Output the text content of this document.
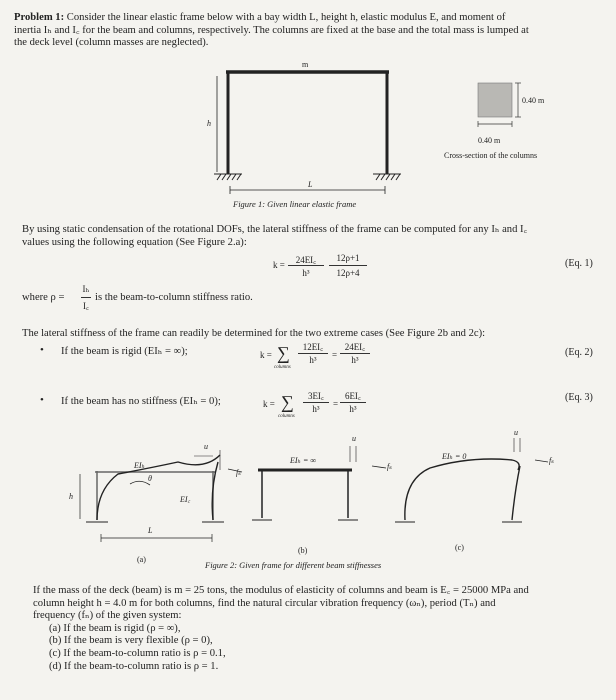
Problem 1: Consider the linear elastic frame below with a bay width L, height h, elastic modulus E, and moment of
inertia Iₕ and I꜀ for the beam and columns, respectively. The columns are fixed at the base and the total mass is lumped at
the deck level (column masses are neglected).
m
h
L
0.40 m
0.40 m
Cross-section of the columns
Figure 1: Given linear elastic frame
By using static condensation of the rotational DOFs, the lateral stiffness of the frame can be computed for any Iₕ and I꜀
values using the following equation (See Figure 2.a):
k =	24EI꜀
h³
12ρ+1
12ρ+4
(Eq. 1)
where ρ =
Iₕ
I꜀
is the beam-to-column stiffness ratio.
The lateral stiffness of the frame can readily be determined for the two extreme cases (See Figure 2b and 2c):
• If the beam is rigid (EIₕ = ∞);	k = ∑
columns
12EI꜀
h³	=
24EI꜀
h³
(Eq. 2)
• If the beam has no stiffness (EIₕ = 0);	k = ∑
columns
3EI꜀
h³	=
6EI꜀
h³
(Eq. 3)
EIₕ
EI꜀
h
L
u
fₛ
θ
(a)
EIₕ = ∞
u
fₛ
(b)
EIₕ = 0
u
fₛ
(c)
Figure 2: Given frame for different beam stiffnesses
If the mass of the deck (beam) is m = 25 tons, the modulus of elasticity of columns and beam is E꜀ = 25000 MPa and
column height h = 4.0 m for both columns, find the natural circular vibration frequency (ωₙ), period (Tₙ) and
frequency (fₙ) of the given system:
(a) If the beam is rigid (ρ = ∞),
(b) If the beam is very flexible (ρ = 0),
(c) If the beam-to-column ratio is ρ = 0.1,
(d) If the beam-to-column ratio is ρ = 1.
